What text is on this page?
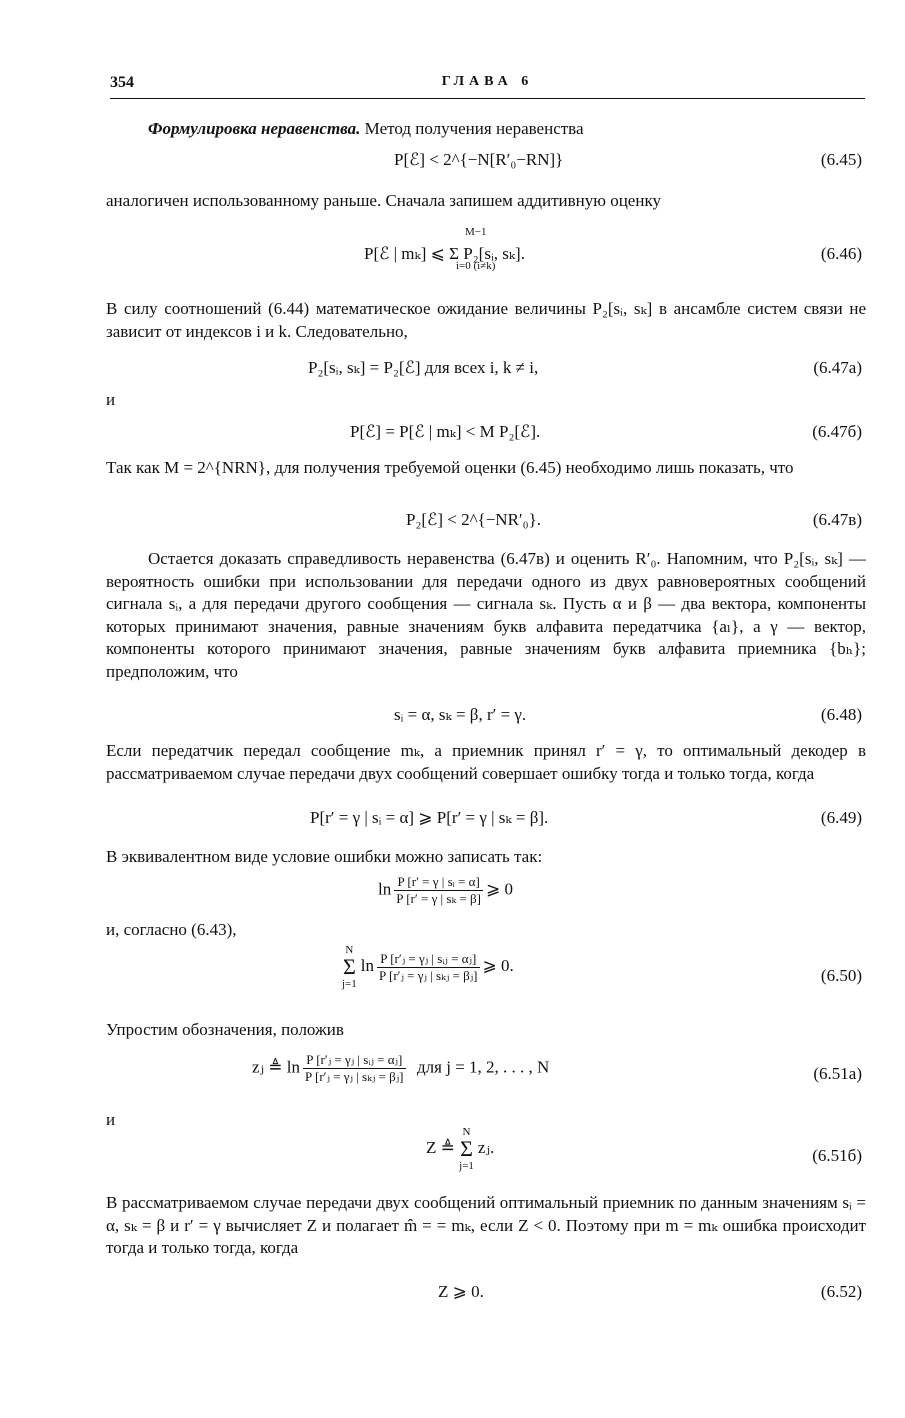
354	ГЛАВА 6
Формулировка неравенства. Метод получения неравенства
P[ℰ] < 2^{−N[R′₀−RN]}	(6.45)
аналогичен использованному раньше. Сначала запишем аддитивную оценку
P[ℰ | mₖ] ⩽ Σ P₂[sᵢ, sₖ].
M−1

i=0 (i≠k)
(6.46)
В силу соотношений (6.44) математическое ожидание величины P₂[sᵢ, sₖ] в ансамбле систем связи не зависит от индексов i и k. Следовательно,
P₂[sᵢ, sₖ] = P₂[ℰ] для всех i, k ≠ i,	(6.47а)
и
P[ℰ] = P[ℰ | mₖ] < M P₂[ℰ].	(6.47б)
Так как M = 2^{NRN}, для получения требуемой оценки (6.45) необходимо лишь показать, что
P₂[ℰ] < 2^{−NR′₀}.	(6.47в)
Остается доказать справедливость неравенства (6.47в) и оценить R′₀. Напомним, что P₂[sᵢ, sₖ] — вероятность ошибки при использовании для передачи одного из двух равновероятных сообщений сигнала sᵢ, а для передачи другого сообщения — сигнала sₖ. Пусть α и β — два вектора, компоненты которых принимают значения, равные значениям букв алфавита передатчика {aₗ}, а γ — вектор, компоненты которого принимают значения, равные значениям букв алфавита приемника {bₕ}; предположим, что
sᵢ = α, sₖ = β, r′ = γ.	(6.48)
Если передатчик передал сообщение mₖ, а приемник принял r′ = γ, то оптимальный декодер в рассматриваемом случае передачи двух сообщений совершает ошибку тогда и только тогда, когда
P[r′ = γ | sᵢ = α] ⩾ P[r′ = γ | sₖ = β].	(6.49)
В эквивалентном виде условие ошибки можно записать так:
$\ln \frac{\text{P [r′ = γ | sᵢ = α]}}{\text{P [r′ = γ | sₖ = β]}}$ ⩾ 0
и, согласно (6.43),
N
Σ
$j=1\ln \frac{\text{P [r′ⱼ = γⱼ | sᵢⱼ = αⱼ]}}{\text{P [r′ⱼ = γⱼ | sₖⱼ = βⱼ]}}$ ⩾ 0.
(6.50)
Упростим обозначения, положив
zⱼ ≜ $\ln \frac{\text{P [r′ⱼ = γⱼ | sᵢⱼ = αⱼ]}}{\text{P [r′ⱼ = γⱼ | sₖⱼ = βⱼ]}}$ для j = 1, 2, . . . , N	(6.51а)
и
Z ≜ N
Σ
j=1zⱼ.	(6.51б)
В рассматриваемом случае передачи двух сообщений оптимальный приемник по данным значениям sᵢ = α, sₖ = β и r′ = γ вычисляет Z и полагает m̂ = = mₖ, если Z < 0. Поэтому при m = mₖ ошибка происходит тогда и только тогда, когда
Z ⩾ 0.	(6.52)
